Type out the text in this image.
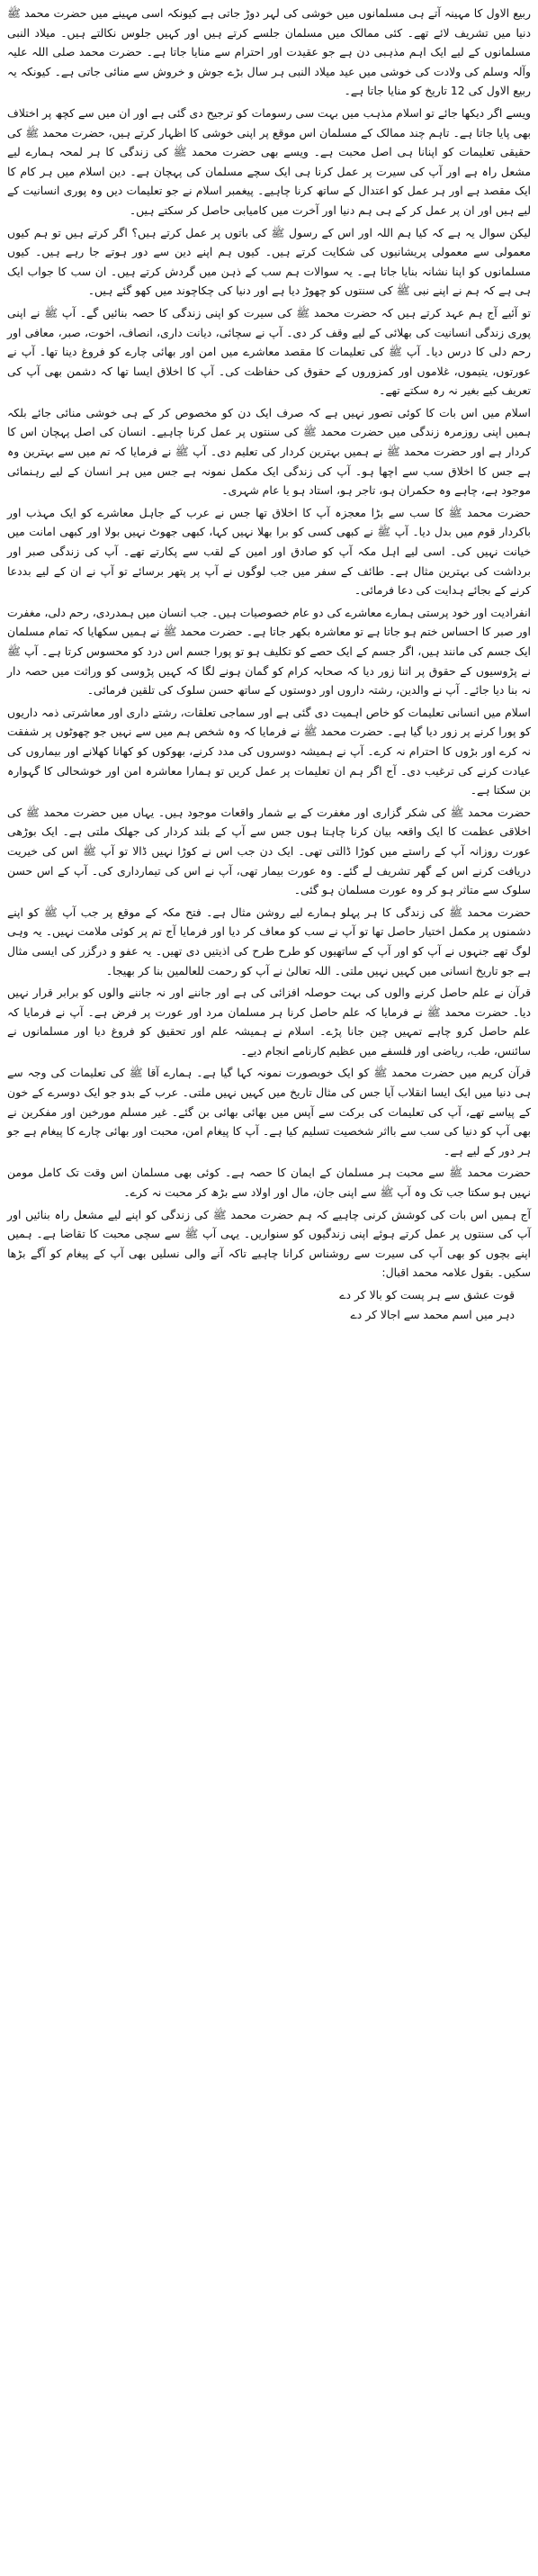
ربیع الاول کا مہینہ آتے ہی مسلمانوں میں خوشی کی لہر دوڑ جاتی ہے کیونکہ اسی مہینے میں حضرت محمد ﷺ دنیا میں تشریف لائے تھے۔ کئی ممالک میں مسلمان جلسے کرتے ہیں اور کہیں جلوس نکالتے ہیں۔ میلاد النبی مسلمانوں کے لیے ایک اہم مذہبی دن ہے جو عقیدت اور احترام سے منایا جاتا ہے۔ حضرت محمد صلی اللہ علیہ وآلہ وسلم کی ولادت کی خوشی میں عید میلاد النبی ہر سال بڑے جوش و خروش سے منائی جاتی ہے۔ کیونکہ یہ ربیع الاول کی 12 تاریخ کو منایا جاتا ہے۔

ویسے اگر دیکھا جائے تو اسلام مذہب میں بہت سی رسومات کو ترجیح دی گئی ہے اور ان میں سے کچھ پر اختلاف بھی پایا جاتا ہے۔ تاہم چند ممالک کے مسلمان اس موقع پر اپنی خوشی کا اظہار کرتے ہیں، حضرت محمد ﷺ کی حقیقی تعلیمات کو اپنانا ہی اصل محبت ہے۔ ویسے بھی حضرت محمد ﷺ کی زندگی کا ہر لمحہ ہمارے لیے مشعل راہ ہے اور آپ کی سیرت پر عمل کرنا ہی ایک سچے مسلمان کی پہچان ہے۔ دین اسلام میں ہر کام کا ایک مقصد ہے اور ہر عمل کو اعتدال کے ساتھ کرنا چاہیے۔ پیغمبر اسلام نے جو تعلیمات دیں وہ پوری انسانیت کے لیے ہیں اور ان پر عمل کر کے ہی ہم دنیا اور آخرت میں کامیابی حاصل کر سکتے ہیں۔

لیکن سوال یہ ہے کہ کیا ہم اللہ اور اس کے رسول ﷺ کی باتوں پر عمل کرتے ہیں؟ اگر کرتے ہیں تو ہم کیوں معمولی سے معمولی پریشانیوں کی شکایت کرتے ہیں۔ کیوں ہم اپنے دین سے دور ہوتے جا رہے ہیں۔ کیوں مسلمانوں کو اپنا نشانہ بنایا جاتا ہے۔ یہ سوالات ہم سب کے ذہن میں گردش کرتے ہیں۔ ان سب کا جواب ایک ہی ہے کہ ہم نے اپنے نبی ﷺ کی سنتوں کو چھوڑ دیا ہے اور دنیا کی چکاچوند میں کھو گئے ہیں۔

تو آئیے آج ہم عہد کرتے ہیں کہ حضرت محمد ﷺ کی سیرت کو اپنی زندگی کا حصہ بنائیں گے۔ آپ ﷺ نے اپنی پوری زندگی انسانیت کی بھلائی کے لیے وقف کر دی۔ آپ نے سچائی، دیانت داری، انصاف، اخوت، صبر، معافی اور رحم دلی کا درس دیا۔ آپ ﷺ کی تعلیمات کا مقصد معاشرے میں امن اور بھائی چارے کو فروغ دینا تھا۔ آپ نے عورتوں، یتیموں، غلاموں اور کمزوروں کے حقوق کی حفاظت کی۔ آپ کا اخلاق ایسا تھا کہ دشمن بھی آپ کی تعریف کیے بغیر نہ رہ سکتے تھے۔

اسلام میں اس بات کا کوئی تصور نہیں ہے کہ صرف ایک دن کو مخصوص کر کے ہی خوشی منائی جائے بلکہ ہمیں اپنی روزمرہ زندگی میں حضرت محمد ﷺ کی سنتوں پر عمل کرنا چاہیے۔ انسان کی اصل پہچان اس کا کردار ہے اور حضرت محمد ﷺ نے ہمیں بہترین کردار کی تعلیم دی۔ آپ ﷺ نے فرمایا کہ تم میں سے بہترین وہ ہے جس کا اخلاق سب سے اچھا ہو۔ آپ کی زندگی ایک مکمل نمونہ ہے جس میں ہر انسان کے لیے رہنمائی موجود ہے، چاہے وہ حکمران ہو، تاجر ہو، استاد ہو یا عام شہری۔

حضرت محمد ﷺ کا سب سے بڑا معجزہ آپ کا اخلاق تھا جس نے عرب کے جاہل معاشرے کو ایک مہذب اور باکردار قوم میں بدل دیا۔ آپ ﷺ نے کبھی کسی کو برا بھلا نہیں کہا، کبھی جھوٹ نہیں بولا اور کبھی امانت میں خیانت نہیں کی۔ اسی لیے اہل مکہ آپ کو صادق اور امین کے لقب سے پکارتے تھے۔ آپ کی زندگی صبر اور برداشت کی بہترین مثال ہے۔ طائف کے سفر میں جب لوگوں نے آپ پر پتھر برسائے تو آپ نے ان کے لیے بددعا کرنے کے بجائے ہدایت کی دعا فرمائی۔

انفرادیت اور خود پرستی ہمارے معاشرے کی دو عام خصوصیات ہیں۔ جب انسان میں ہمدردی، رحم دلی، مغفرت اور صبر کا احساس ختم ہو جاتا ہے تو معاشرہ بکھر جاتا ہے۔ حضرت محمد ﷺ نے ہمیں سکھایا کہ تمام مسلمان ایک جسم کی مانند ہیں، اگر جسم کے ایک حصے کو تکلیف ہو تو پورا جسم اس درد کو محسوس کرتا ہے۔ آپ ﷺ نے پڑوسیوں کے حقوق پر اتنا زور دیا کہ صحابہ کرام کو گمان ہونے لگا کہ کہیں پڑوسی کو وراثت میں حصہ دار نہ بنا دیا جائے۔ آپ نے والدین، رشتہ داروں اور دوستوں کے ساتھ حسن سلوک کی تلقین فرمائی۔

اسلام میں انسانی تعلیمات کو خاص اہمیت دی گئی ہے اور سماجی تعلقات، رشتے داری اور معاشرتی ذمہ داریوں کو پورا کرنے پر زور دیا گیا ہے۔ حضرت محمد ﷺ نے فرمایا کہ وہ شخص ہم میں سے نہیں جو چھوٹوں پر شفقت نہ کرے اور بڑوں کا احترام نہ کرے۔ آپ نے ہمیشہ دوسروں کی مدد کرنے، بھوکوں کو کھانا کھلانے اور بیماروں کی عیادت کرنے کی ترغیب دی۔ آج اگر ہم ان تعلیمات پر عمل کریں تو ہمارا معاشرہ امن اور خوشحالی کا گہوارہ بن سکتا ہے۔

حضرت محمد ﷺ کی شکر گزاری اور مغفرت کے بے شمار واقعات موجود ہیں۔ یہاں میں حضرت محمد ﷺ کی اخلاقی عظمت کا ایک واقعہ بیان کرنا چاہتا ہوں جس سے آپ کے بلند کردار کی جھلک ملتی ہے۔ ایک بوڑھی عورت روزانہ آپ کے راستے میں کوڑا ڈالتی تھی۔ ایک دن جب اس نے کوڑا نہیں ڈالا تو آپ ﷺ اس کی خیریت دریافت کرنے اس کے گھر تشریف لے گئے۔ وہ عورت بیمار تھی، آپ نے اس کی تیمارداری کی۔ آپ کے اس حسن سلوک سے متاثر ہو کر وہ عورت مسلمان ہو گئی۔

حضرت محمد ﷺ کی زندگی کا ہر پہلو ہمارے لیے روشن مثال ہے۔ فتح مکہ کے موقع پر جب آپ ﷺ کو اپنے دشمنوں پر مکمل اختیار حاصل تھا تو آپ نے سب کو معاف کر دیا اور فرمایا آج تم پر کوئی ملامت نہیں۔ یہ وہی لوگ تھے جنہوں نے آپ کو اور آپ کے ساتھیوں کو طرح طرح کی اذیتیں دی تھیں۔ یہ عفو و درگزر کی ایسی مثال ہے جو تاریخ انسانی میں کہیں نہیں ملتی۔ اللہ تعالیٰ نے آپ کو رحمت للعالمین بنا کر بھیجا۔

قرآن نے علم حاصل کرنے والوں کی بہت حوصلہ افزائی کی ہے اور جاننے اور نہ جاننے والوں کو برابر قرار نہیں دیا۔ حضرت محمد ﷺ نے فرمایا کہ علم حاصل کرنا ہر مسلمان مرد اور عورت پر فرض ہے۔ آپ نے فرمایا کہ علم حاصل کرو چاہے تمہیں چین جانا پڑے۔ اسلام نے ہمیشہ علم اور تحقیق کو فروغ دیا اور مسلمانوں نے سائنس، طب، ریاضی اور فلسفے میں عظیم کارنامے انجام دیے۔

قرآن کریم میں حضرت محمد ﷺ کو ایک خوبصورت نمونہ کہا گیا ہے۔ ہمارے آقا ﷺ کی تعلیمات کی وجہ سے ہی دنیا میں ایک ایسا انقلاب آیا جس کی مثال تاریخ میں کہیں نہیں ملتی۔ عرب کے بدو جو ایک دوسرے کے خون کے پیاسے تھے، آپ کی تعلیمات کی برکت سے آپس میں بھائی بھائی بن گئے۔ غیر مسلم مورخین اور مفکرین نے بھی آپ کو دنیا کی سب سے بااثر شخصیت تسلیم کیا ہے۔ آپ کا پیغام امن، محبت اور بھائی چارے کا پیغام ہے جو ہر دور کے لیے ہے۔

حضرت محمد ﷺ سے محبت ہر مسلمان کے ایمان کا حصہ ہے۔ کوئی بھی مسلمان اس وقت تک کامل مومن نہیں ہو سکتا جب تک وہ آپ ﷺ سے اپنی جان، مال اور اولاد سے بڑھ کر محبت نہ کرے۔

آج ہمیں اس بات کی کوشش کرنی چاہیے کہ ہم حضرت محمد ﷺ کی زندگی کو اپنے لیے مشعل راہ بنائیں اور آپ کی سنتوں پر عمل کرتے ہوئے اپنی زندگیوں کو سنواریں۔ یہی آپ ﷺ سے سچی محبت کا تقاضا ہے۔ ہمیں اپنے بچوں کو بھی آپ کی سیرت سے روشناس کرانا چاہیے تاکہ آنے والی نسلیں بھی آپ کے پیغام کو آگے بڑھا سکیں۔ بقول علامہ محمد اقبال:

قوت عشق سے ہر پست کو بالا کر دے
دہر میں اسم محمد سے اجالا کر دے
